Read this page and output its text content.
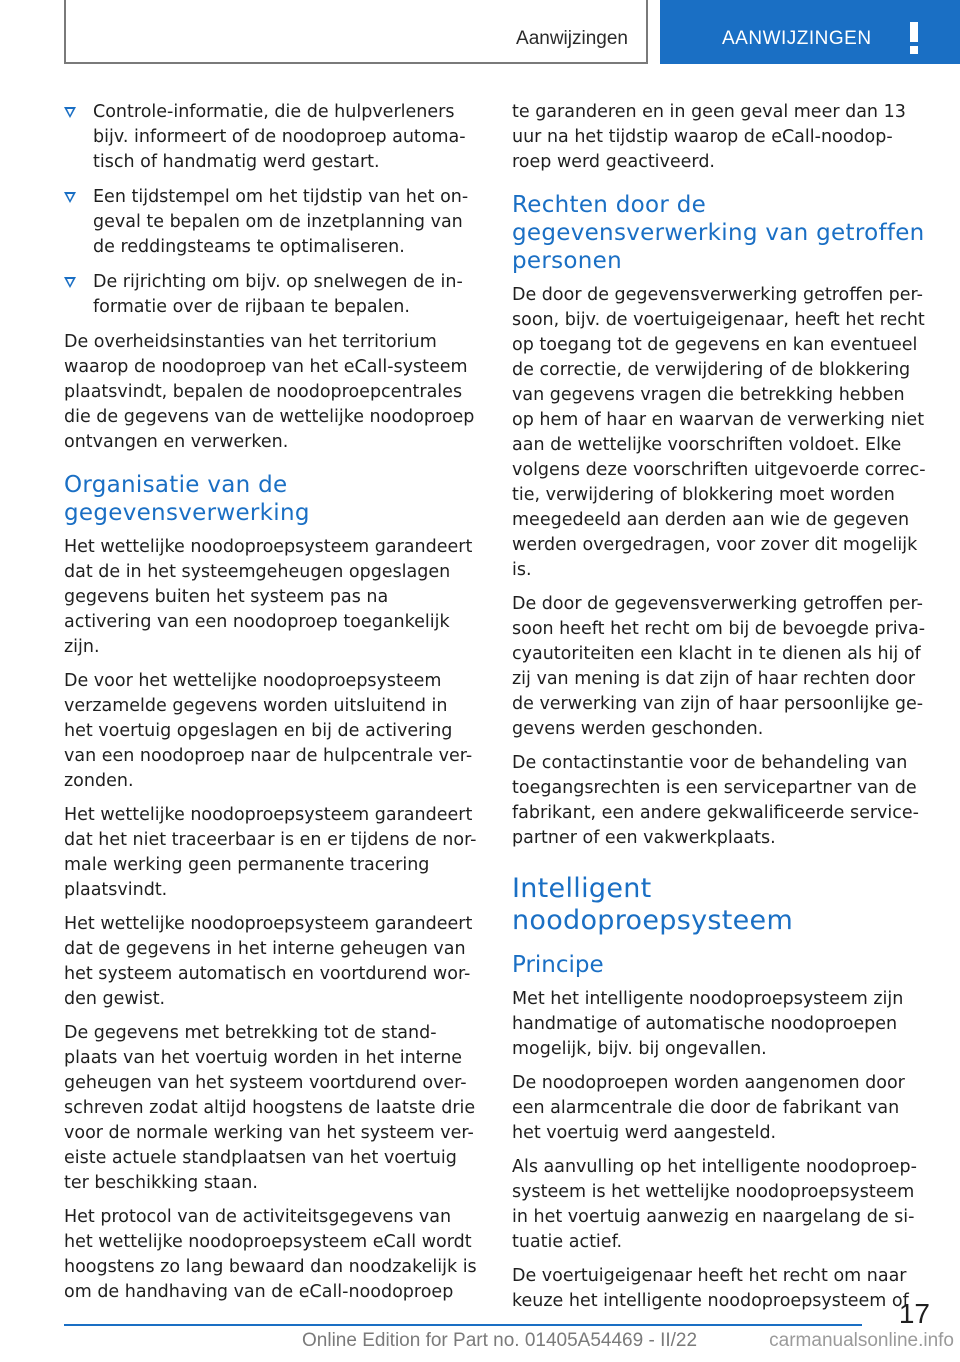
Aanwijzingen	AANWIJZINGEN
Controle-informatie, die de hulpverleners bijv. informeert of de noodoproep automa-tisch of handmatig werd gestart.
Een tijdstempel om het tijdstip van het on-geval te bepalen om de inzetplanning van de reddingsteams te optimaliseren.
De rijrichting om bijv. op snelwegen de in-formatie over de rijbaan te bepalen.

De overheidsinstanties van het territorium waarop de noodoproep van het eCall-systeem plaatsvindt, bepalen de noodoproepcentrales die de gegevens van de wettelijke noodoproep ontvangen en verwerken.

Organisatie van de gegevensverwerking

Het wettelijke noodoproepsysteem garandeert dat de in het systeemgeheugen opgeslagen gegevens buiten het systeem pas na activering van een noodoproep toegankelijk zijn.

De voor het wettelijke noodoproepsysteem verzamelde gegevens worden uitsluitend in het voertuig opgeslagen en bij de activering van een noodoproep naar de hulpcentrale ver-zonden.

Het wettelijke noodoproepsysteem garandeert dat het niet traceerbaar is en er tijdens de nor-male werking geen permanente tracering plaatsvindt.

Het wettelijke noodoproepsysteem garandeert dat de gegevens in het interne geheugen van het systeem automatisch en voortdurend wor-den gewist.

De gegevens met betrekking tot de stand-plaats van het voertuig worden in het interne geheugen van het systeem voortdurend over-schreven zodat altijd hoogstens de laatste drie voor de normale werking van het systeem ver-eiste actuele standplaatsen van het voertuig ter beschikking staan.

Het protocol van de activiteitsgegevens van het wettelijke noodoproepsysteem eCall wordt hoogstens zo lang bewaard dan noodzakelijk is om de handhaving van de eCall-noodoproep

te garanderen en in geen geval meer dan 13 uur na het tijdstip waarop de eCall-noodop-roep werd geactiveerd.

Rechten door de gegevensverwerking van getroffen personen

De door de gegevensverwerking getroffen per-soon, bijv. de voertuigeigenaar, heeft het recht op toegang tot de gegevens en kan eventueel de correctie, de verwijdering of de blokkering van gegevens vragen die betrekking hebben op hem of haar en waarvan de verwerking niet aan de wettelijke voorschriften voldoet. Elke volgens deze voorschriften uitgevoerde correc-tie, verwijdering of blokkering moet worden meegedeeld aan derden aan wie de gegeven werden overgedragen, voor zover dit mogelijk is.

De door de gegevensverwerking getroffen per-soon heeft het recht om bij de bevoegde priva-cyautoriteiten een klacht in te dienen als hij of zij van mening is dat zijn of haar rechten door de verwerking van zijn of haar persoonlijke ge-gevens werden geschonden.

De contactinstantie voor de behandeling van toegangsrechten is een servicepartner van de fabrikant, een andere gekwalificeerde service-partner of een vakwerkplaats.

Intelligent noodoproepsysteem
Principe

Met het intelligente noodoproepsysteem zijn handmatige of automatische noodoproepen mogelijk, bijv. bij ongevallen.

De noodoproepen worden aangenomen door een alarmcentrale die door de fabrikant van het voertuig werd aangesteld.

Als aanvulling op het intelligente noodoproep-systeem is het wettelijke noodoproepsysteem in het voertuig aanwezig en naargelang de si-tuatie actief.

De voertuigeigenaar heeft het recht om naar keuze het intelligente noodoproepsysteem of

17
Online Edition for Part no. 01405A54469 - II/22	carmanualsonline.info
